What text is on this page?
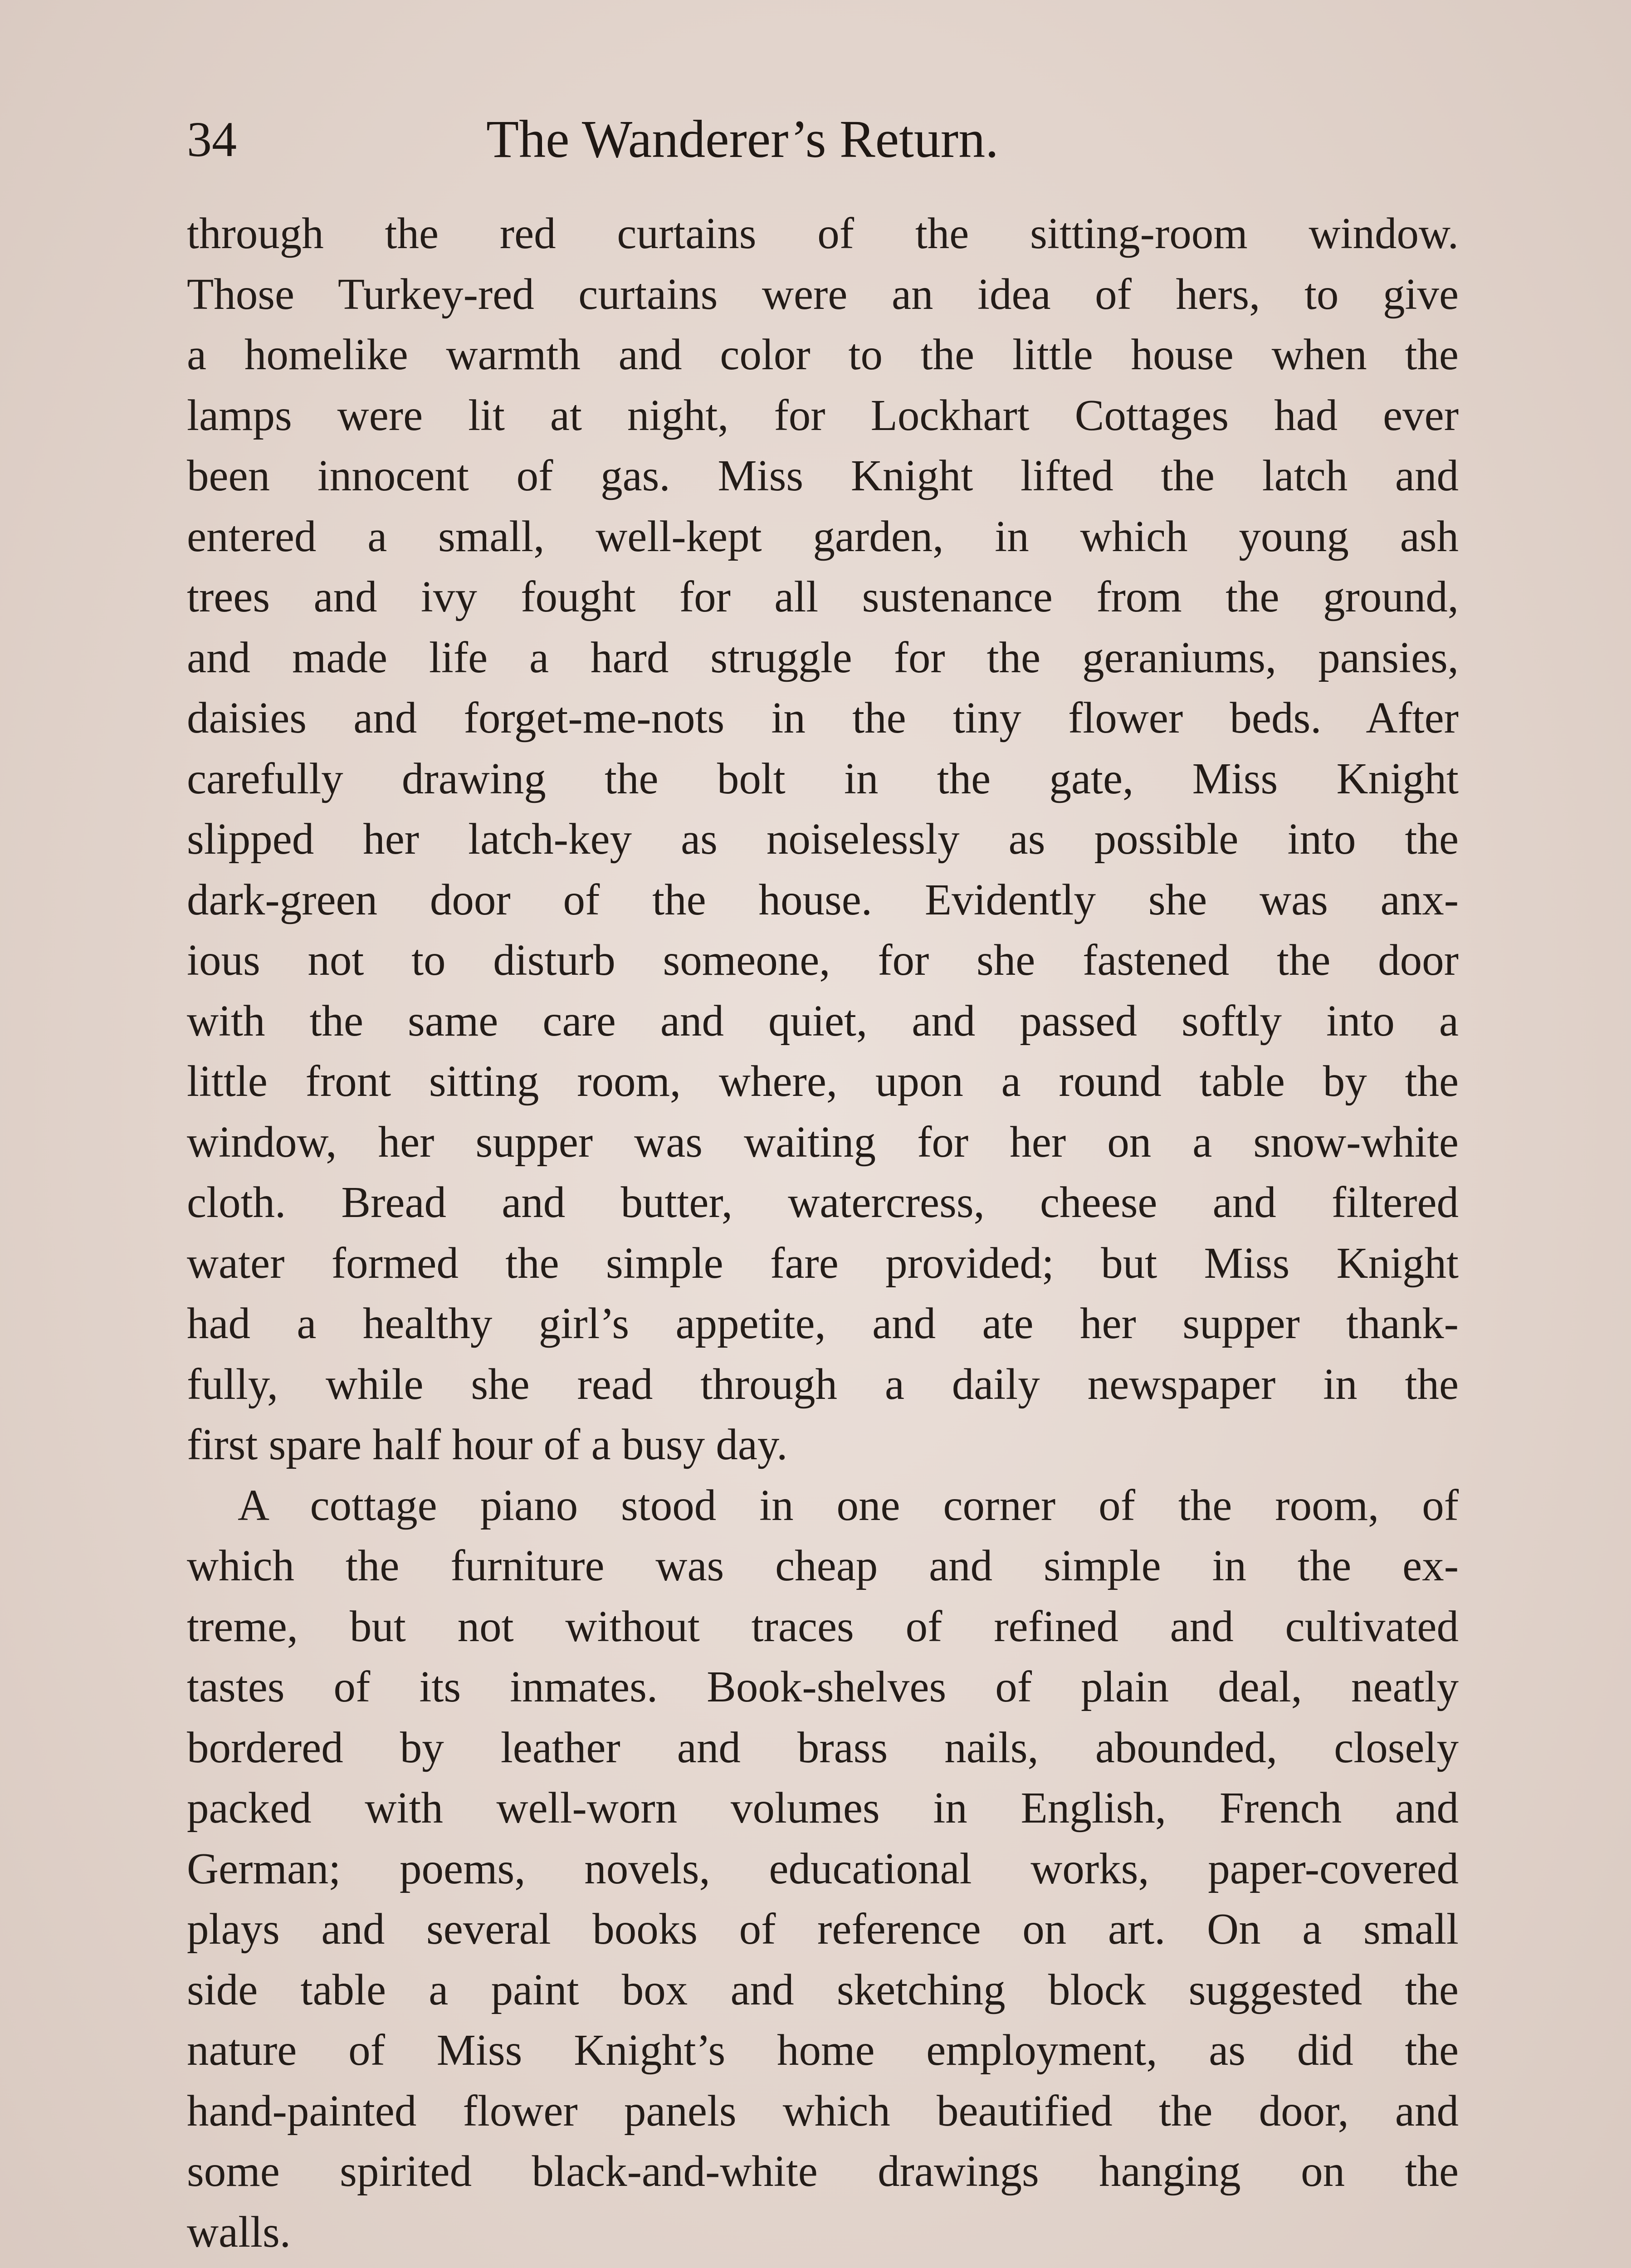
34	The Wanderer’s Return.
through the red curtains of the sitting-room window.
Those Turkey-red curtains were an idea of hers, to give
a homelike warmth and color to the little house when the
lamps were lit at night, for Lockhart Cottages had ever
been innocent of gas. Miss Knight lifted the latch and
entered a small, well-kept garden, in which young ash
trees and ivy fought for all sustenance from the ground,
and made life a hard struggle for the geraniums, pansies,
daisies and forget-me-nots in the tiny flower beds. After
carefully drawing the bolt in the gate, Miss Knight
slipped her latch-key as noiselessly as possible into the
dark-green door of the house. Evidently she was anx-
ious not to disturb someone, for she fastened the door
with the same care and quiet, and passed softly into a
little front sitting room, where, upon a round table by the
window, her supper was waiting for her on a snow-white
cloth. Bread and butter, watercress, cheese and filtered
water formed the simple fare provided; but Miss Knight
had a healthy girl’s appetite, and ate her supper thank-
fully, while she read through a daily newspaper in the
first spare half hour of a busy day.
A cottage piano stood in one corner of the room, of
which the furniture was cheap and simple in the ex-
treme, but not without traces of refined and cultivated
tastes of its inmates. Book-shelves of plain deal, neatly
bordered by leather and brass nails, abounded, closely
packed with well-worn volumes in English, French and
German; poems, novels, educational works, paper-covered
plays and several books of reference on art. On a small
side table a paint box and sketching block suggested the
nature of Miss Knight’s home employment, as did the
hand-painted flower panels which beautified the door, and
some spirited black-and-white drawings hanging on the
walls.
